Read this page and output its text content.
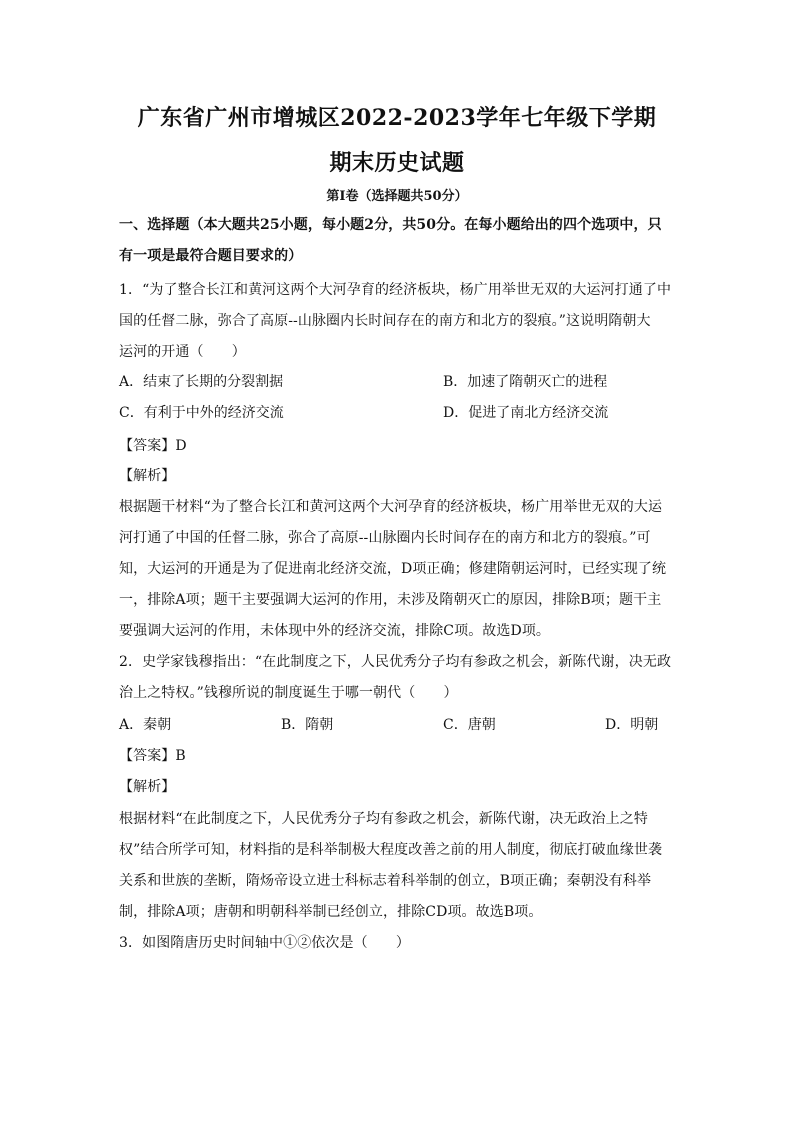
广东省广州市增城区2022-2023学年七年级下学期
期末历史试题
第I卷（选择题共50分）
一、选择题（本大题共25小题，每小题2分，共50分。在每小题给出的四个选项中，只
有一项是最符合题目要求的）
1．“为了整合长江和黄河这两个大河孕育的经济板块，杨广用举世无双的大运河打通了中
国的任督二脉，弥合了高原--山脉圈内长时间存在的南方和北方的裂痕。”这说明隋朝大
运河的开通（　　）
A．结束了长期的分裂割据	B．加速了隋朝灭亡的进程
C．有利于中外的经济交流	D．促进了南北方经济交流
【答案】D
【解析】
根据题干材料“为了整合长江和黄河这两个大河孕育的经济板块，杨广用举世无双的大运
河打通了中国的任督二脉，弥合了高原--山脉圈内长时间存在的南方和北方的裂痕。”可
知，大运河的开通是为了促进南北经济交流，D项正确；修建隋朝运河时，已经实现了统
一，排除A项；题干主要强调大运河的作用，未涉及隋朝灭亡的原因，排除B项；题干主
要强调大运河的作用，未体现中外的经济交流，排除C项。故选D项。
2．史学家钱穆指出：“在此制度之下，人民优秀分子均有参政之机会，新陈代谢，决无政
治上之特权。”钱穆所说的制度诞生于哪一朝代（　　）
A．秦朝	B．隋朝	C．唐朝	D．明朝
【答案】B
【解析】
根据材料“在此制度之下，人民优秀分子均有参政之机会，新陈代谢，决无政治上之特
权”结合所学可知，材料指的是科举制极大程度改善之前的用人制度，彻底打破血缘世袭
关系和世族的垄断，隋炀帝设立进士科标志着科举制的创立，B项正确；秦朝没有科举
制，排除A项；唐朝和明朝科举制已经创立，排除CD项。故选B项。
3．如图隋唐历史时间轴中①②依次是（　　）
